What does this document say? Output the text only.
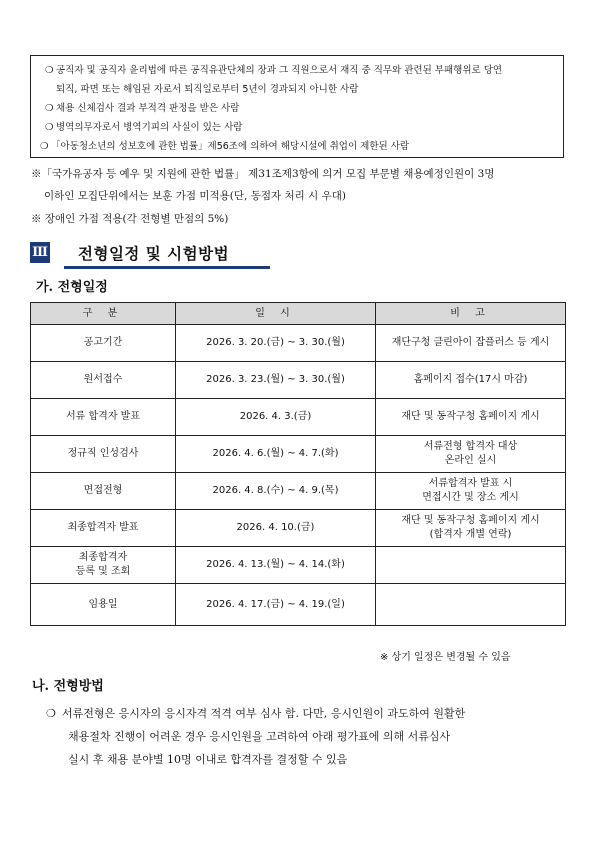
❍ 공직자 및 공직자 윤리법에 따른 공직유관단체의 장과 그 직원으로서 재직 중 직무와 관련된 부패행위로 당연
퇴직, 파면 또는 해임된 자로서 퇴직일로부터 5년이 경과되지 아니한 사람
❍ 채용 신체검사 결과 부적격 판정을 받은 사람
❍ 병역의무자로서 병역기피의 사실이 있는 사람
❍ 「아동청소년의 성보호에 관한 법률」제56조에 의하여 해당시설에 취업이 제한된 사람
※「국가유공자 등 예우 및 지원에 관한 법률」 제31조제3항에 의거 모집 부문별 채용예정인원이 3명
이하인 모집단위에서는 보훈 가점 미적용(단, 동점자 처리 시 우대)
※ 장애인 가점 적용(각 전형별 만점의 5%)
Ⅲ 전형일정 및 시험방법
가. 전형일정
구 분	일 시	비 고
공고기간	2026. 3. 20.(금) ~ 3. 30.(월)	재단구청 클린아이 잡플러스 등 게시
원서접수	2026. 3. 23.(월) ~ 3. 30.(월)	홈페이지 접수(17시 마감)
서류 합격자 발표	2026. 4. 3.(금)	재단 및 동작구청 홈페이지 게시
정규직 인성검사	2026. 4. 6.(월) ~ 4. 7.(화)	서류전형 합격자 대상
온라인 실시
면접전형	2026. 4. 8.(수) ~ 4. 9.(목)	서류합격자 발표 시
면접시간 및 장소 게시
최종합격자 발표	2026. 4. 10.(금)	재단 및 동작구청 홈페이지 게시
(합격자 개별 연락)
최종합격자
등록 및 조회	2026. 4. 13.(월) ~ 4. 14.(화)	
임용일	2026. 4. 17.(금) ~ 4. 19.(일)	
※ 상기 일정은 변경될 수 있음
나. 전형방법
❍ 서류전형은 응시자의 응시자격 적격 여부 심사 함. 다만, 응시인원이 과도하여 원활한
채용절차 진행이 어려운 경우 응시인원을 고려하여 아래 평가표에 의해 서류심사
실시 후 채용 분야별 10명 이내로 합격자를 결정할 수 있음
